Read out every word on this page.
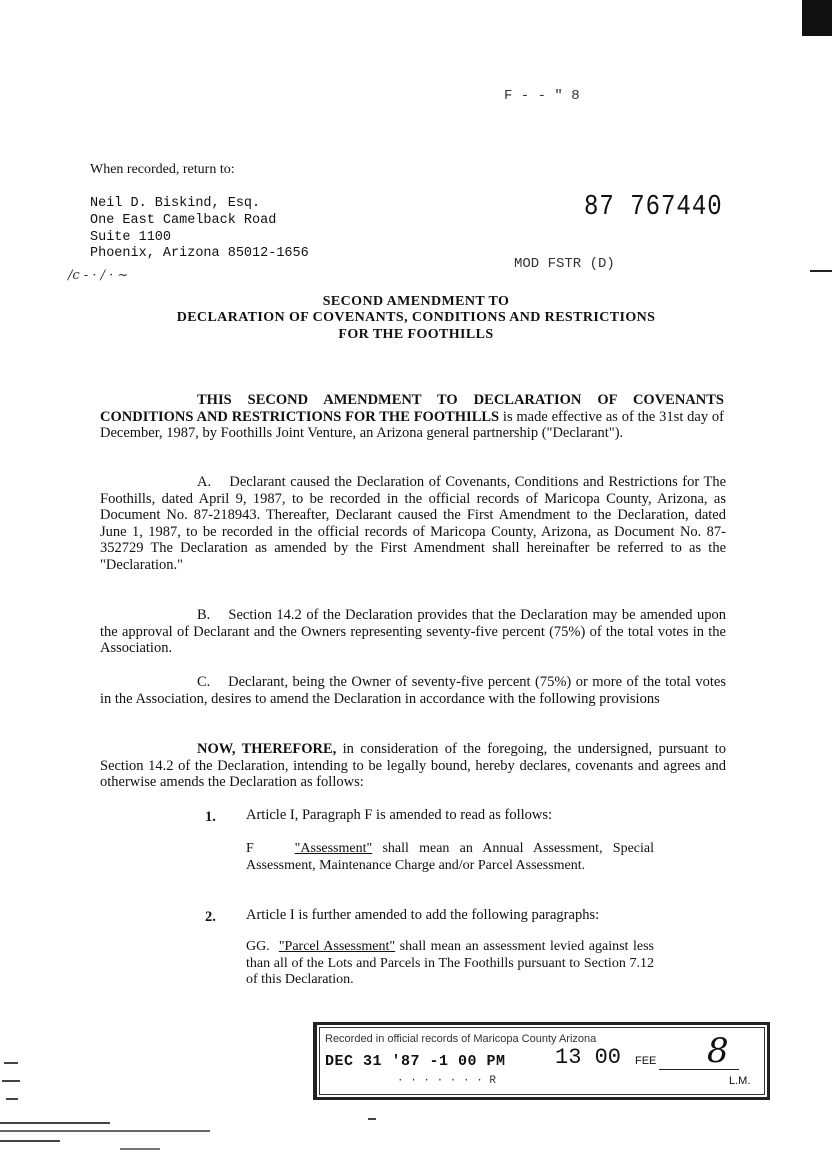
F - - " 8
When recorded, return to:
Neil D. Biskind, Esq.
One East Camelback Road
Suite 1100
Phoenix, Arizona 85012-1656
/c - · / · ~
87 767440
MOD FSTR (D)
SECOND AMENDMENT TO
DECLARATION OF COVENANTS, CONDITIONS AND RESTRICTIONS
FOR THE FOOTHILLS
THIS SECOND AMENDMENT TO DECLARATION OF COVENANTS CONDITIONS AND RESTRICTIONS FOR THE FOOTHILLS is made effective as of the 31st day of December, 1987, by Foothills Joint Venture, an Arizona general partnership ("Declarant").
A. Declarant caused the Declaration of Covenants, Conditions and Restrictions for The Foothills, dated April 9, 1987, to be recorded in the official records of Maricopa County, Arizona, as Document No. 87-218943. Thereafter, Declarant caused the First Amendment to the Declaration, dated June 1, 1987, to be recorded in the official records of Maricopa County, Arizona, as Document No. 87-352729 The Declaration as amended by the First Amendment shall hereinafter be referred to as the "Declaration."
B. Section 14.2 of the Declaration provides that the Declaration may be amended upon the approval of Declarant and the Owners representing seventy-five percent (75%) of the total votes in the Association.
C. Declarant, being the Owner of seventy-five percent (75%) or more of the total votes in the Association, desires to amend the Declaration in accordance with the following provisions
NOW, THEREFORE, in consideration of the foregoing, the undersigned, pursuant to Section 14.2 of the Declaration, intending to be legally bound, hereby declares, covenants and agrees and otherwise amends the Declaration as follows:
1. Article I, Paragraph F is amended to read as follows:
F	"Assessment" shall mean an Annual Assessment, Special Assessment, Maintenance Charge and/or Parcel Assessment.
2. Article I is further amended to add the following paragraphs:
GG. "Parcel Assessment" shall mean an assessment levied against less than all of the Lots and Parcels in The Foothills pursuant to Section 7.12 of this Declaration.
Recorded in official records of Maricopa County Arizona
DEC 31 '87 -1 00 PM 13 00 FEE 8
· · · · · · · R	L.M.
